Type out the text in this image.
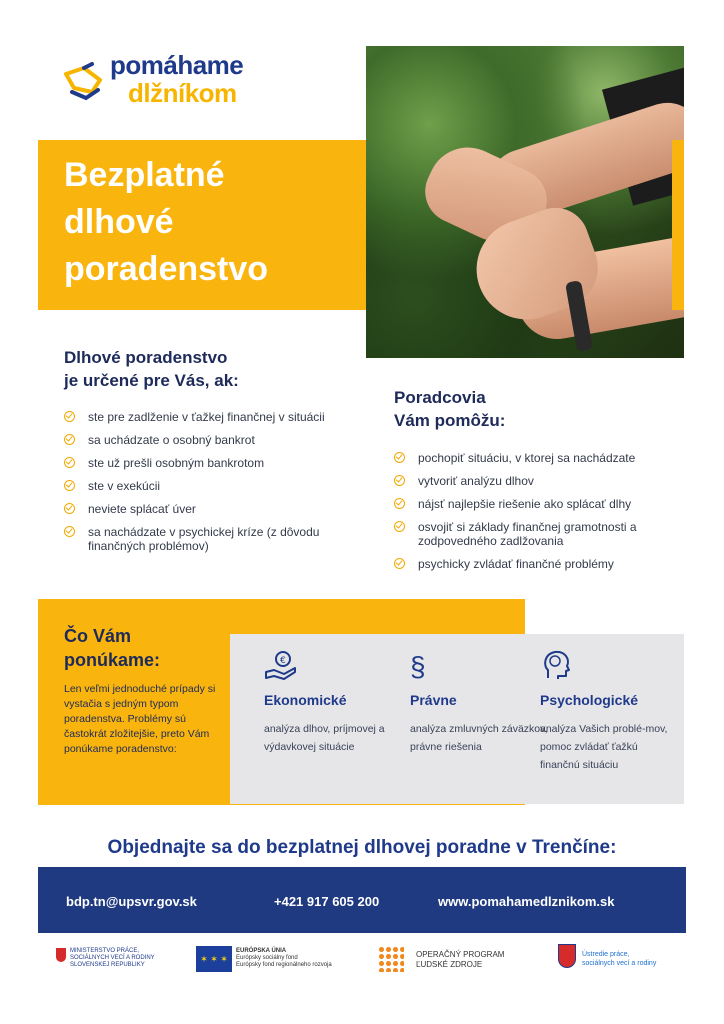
pomáhame
dlžníkom
Bezplatné
dlhové
poradenstvo
Dlhové poradenstvo
je určené pre Vás, ak:
ste pre zadlženie v ťažkej finančnej v situácii
sa uchádzate o osobný bankrot
ste už prešli osobným bankrotom
ste v exekúcii
neviete splácať úver
sa nachádzate v psychickej kríze (z dôvodu finančných problémov)
Poradcovia
Vám pomôžu:
pochopiť situáciu, v ktorej sa nachádzate
vytvoriť analýzu dlhov
nájsť najlepšie riešenie ako splácať dlhy
osvojiť si základy finančnej gramotnosti a zodpovedného zadlžovania
psychicky zvládať finančné problémy
Čo Vám
ponúkame:
Len veľmi jednoduché prípady si vystačia s jedným typom poradenstva. Problémy sú častokrát zložitejšie, preto Vám ponúkame poradenstvo:
€
Ekonomické
analýza dlhov, príjmovej a výdavkovej situácie
§
Právne
analýza zmluvných záväzkov, právne riešenia
Psychologické
analýza Vašich problé-mov, pomoc zvládať ťažkú finančnú situáciu
Objednajte sa do bezplatnej dlhovej poradne v Trenčíne:
bdp.tn@upsvr.gov.sk	+421 917 605 200	www.pomahamedlznikom.sk
MINISTERSTVO PRÁCE, SOCIÁLNYCH VECÍ A RODINY SLOVENSKEJ REPUBLIKY
✶ ✶ ✶
EURÓPSKA ÚNIA
Európsky sociálny fond
Európsky fond regionálneho rozvoja
OPERAČNÝ PROGRAM
ĽUDSKÉ ZDROJE
Ústredie práce,
sociálnych vecí a rodiny
